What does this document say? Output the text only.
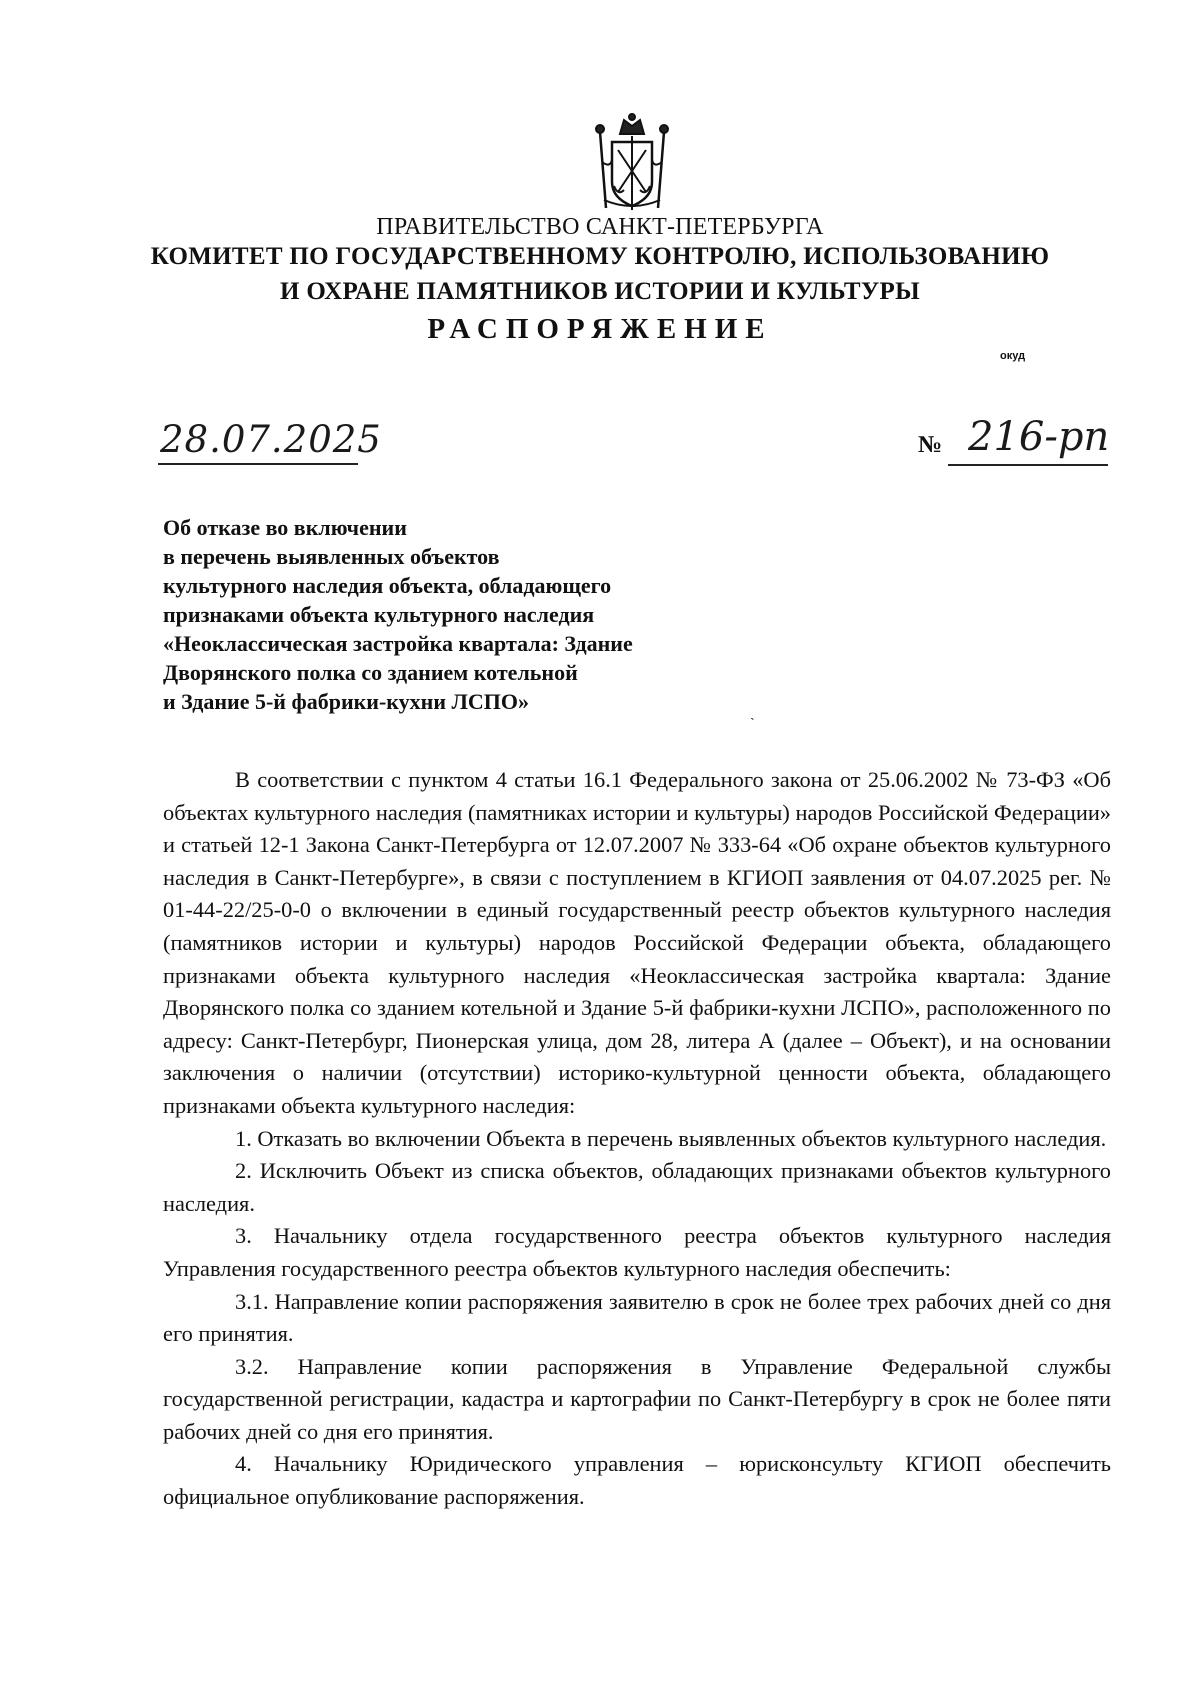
ПРАВИТЕЛЬСТВО САНКТ-ПЕТЕРБУРГА
КОМИТЕТ ПО ГОСУДАРСТВЕННОМУ КОНТРОЛЮ, ИСПОЛЬЗОВАНИЮ
И ОХРАНЕ ПАМЯТНИКОВ ИСТОРИИ И КУЛЬТУРЫ
РАСПОРЯЖЕНИЕ
окуд
28.07.2025	№ 216-рп
Об отказе во включении
в перечень выявленных объектов
культурного наследия объекта, обладающего
признаками объекта культурного наследия
«Неоклассическая застройка квартала: Здание
Дворянского полка со зданием котельной
и Здание 5-й фабрики-кухни ЛСПО»	ˎ

В соответствии с пунктом 4 статьи 16.1 Федерального закона от 25.06.2002 № 73-ФЗ «Об объектах культурного наследия (памятниках истории и культуры) народов Российской Федерации» и статьей 12-1 Закона Санкт-Петербурга от 12.07.2007 № 333-64 «Об охране объектов культурного наследия в Санкт-Петербурге», в связи с поступлением в КГИОП заявления от 04.07.2025 рег. № 01-44-22/25-0-0 о включении в единый государственный реестр объектов культурного наследия (памятников истории и культуры) народов Российской Федерации объекта, обладающего признаками объекта культурного наследия «Неоклассическая застройка квартала: Здание Дворянского полка со зданием котельной и Здание 5-й фабрики-кухни ЛСПО», расположенного по адресу: Санкт-Петербург, Пионерская улица, дом 28, литера А (далее – Объект), и на основании заключения о наличии (отсутствии) историко-культурной ценности объекта, обладающего признаками объекта культурного наследия:

1. Отказать во включении Объекта в перечень выявленных объектов культурного наследия.

2. Исключить Объект из списка объектов, обладающих признаками объектов культурного наследия.

3. Начальнику отдела государственного реестра объектов культурного наследия Управления государственного реестра объектов культурного наследия обеспечить:

3.1. Направление копии распоряжения заявителю в срок не более трех рабочих дней со дня его принятия.

3.2. Направление копии распоряжения в Управление Федеральной службы государственной регистрации, кадастра и картографии по Санкт-Петербургу в срок не более пяти рабочих дней со дня его принятия.

4. Начальнику Юридического управления – юрисконсульту КГИОП обеспечить официальное опубликование распоряжения.
